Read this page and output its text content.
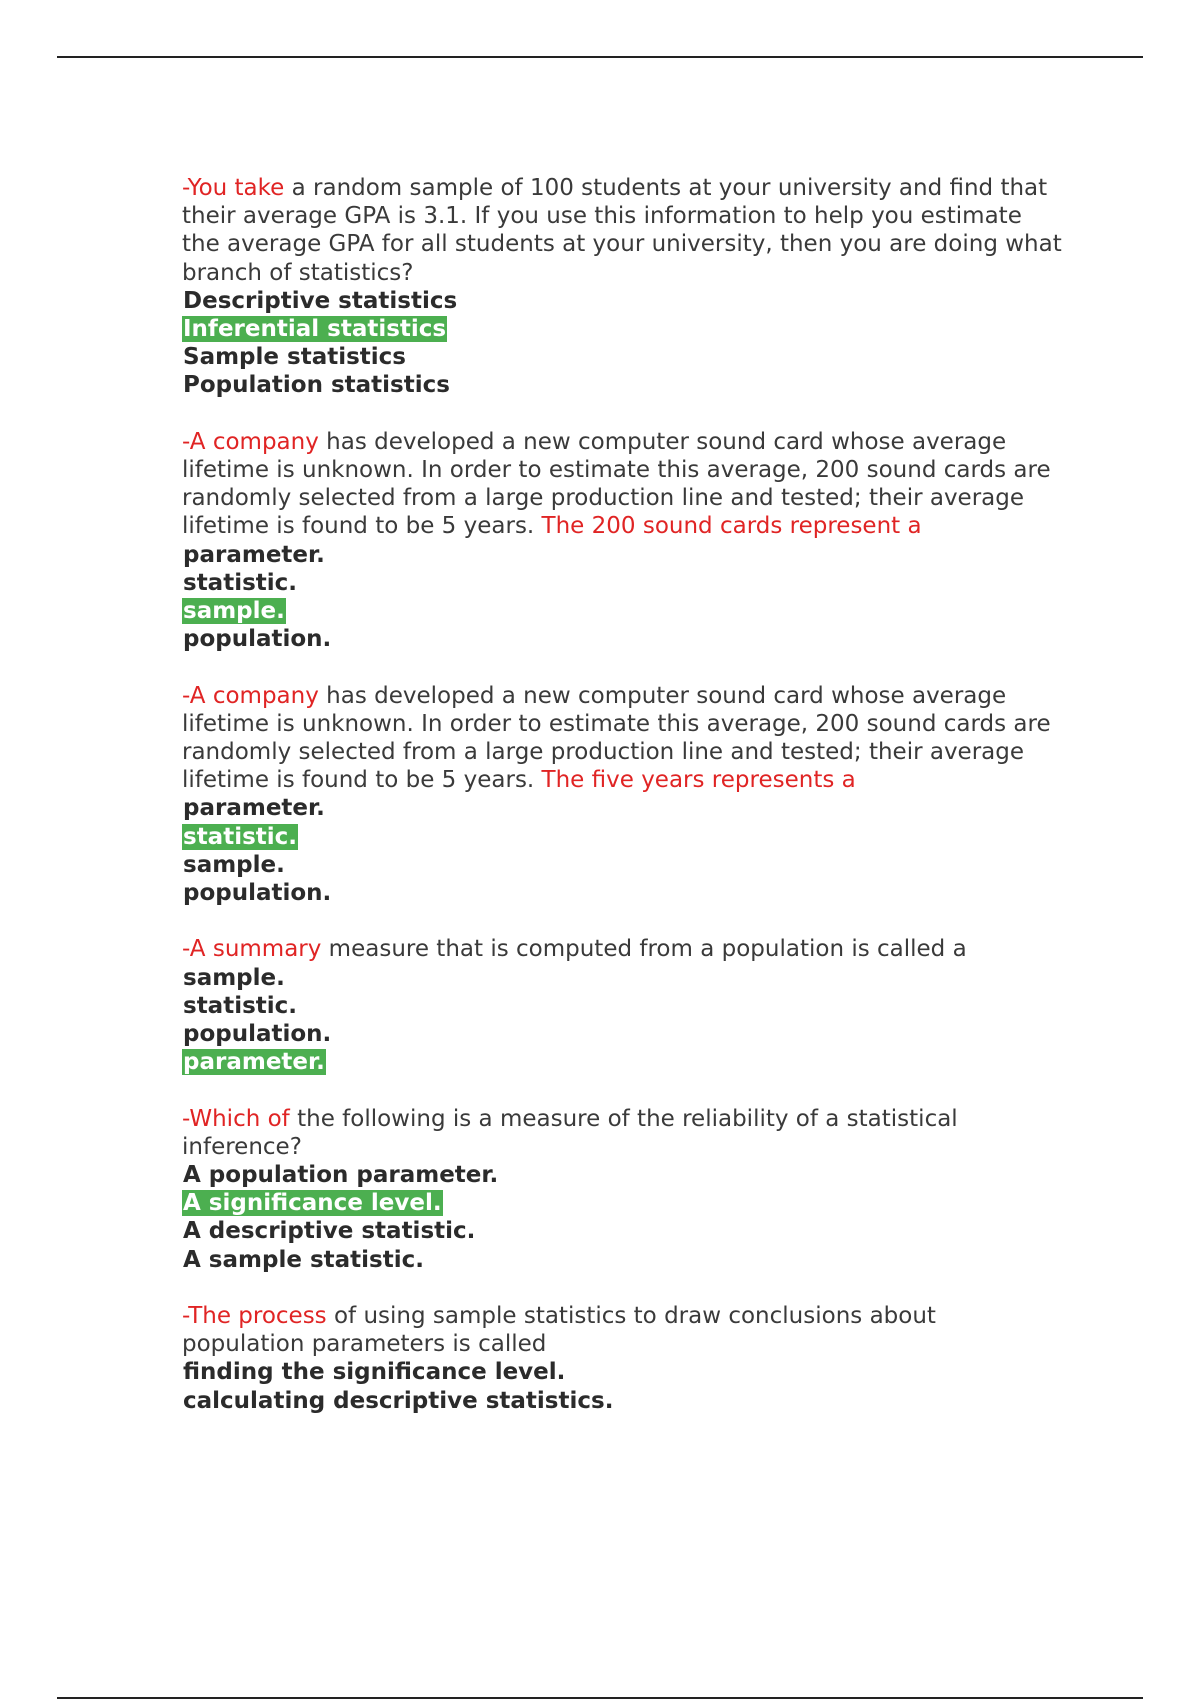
-You take a random sample of 100 students at your university and find that their average GPA is 3.1. If you use this information to help you estimate the average GPA for all students at your university, then you are doing what branch of statistics?

Descriptive statistics
Inferential statistics
Sample statistics
Population statistics

-A company has developed a new computer sound card whose average lifetime is unknown. In order to estimate this average, 200 sound cards are randomly selected from a large production line and tested; their average lifetime is found to be 5 years. The 200 sound cards represent a

parameter.
statistic.
sample.
population.

-A company has developed a new computer sound card whose average lifetime is unknown. In order to estimate this average, 200 sound cards are randomly selected from a large production line and tested; their average lifetime is found to be 5 years. The five years represents a

parameter.
statistic.
sample.
population.

-A summary measure that is computed from a population is called a

sample.
statistic.
population.
parameter.

-Which of the following is a measure of the reliability of a statistical inference?

A population parameter.
A significance level.
A descriptive statistic.
A sample statistic.

-The process of using sample statistics to draw conclusions about population parameters is called

finding the significance level.
calculating descriptive statistics.
